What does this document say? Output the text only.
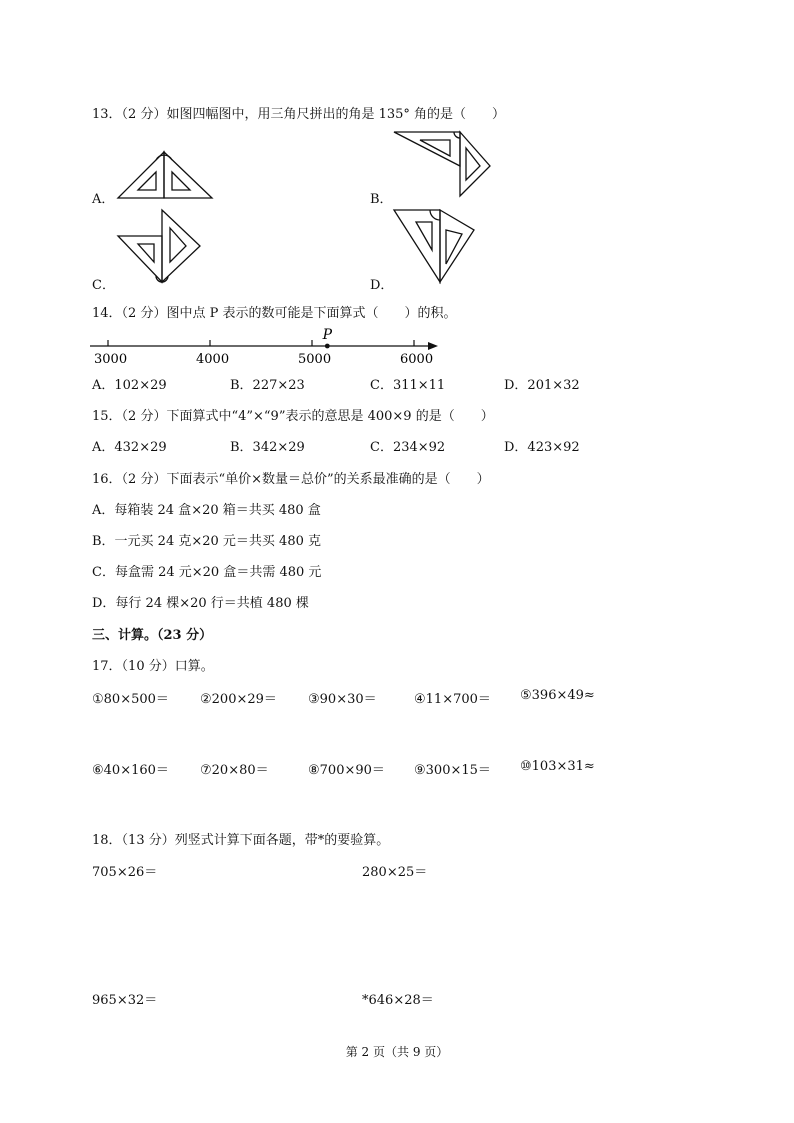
13．（2 分）如图四幅图中，用三角尺拼出的角是 135° 角的是（　　）
A．	B．
C．	D．
14．（2 分）图中点 P 表示的数可能是下面算式（　　）的积。
3000	4000	5000	6000
P
A．102×29	B．227×23	C．311×11	D．201×32
15．（2 分）下面算式中“4”×“9”表示的意思是 400×9 的是（　　）
A．432×29	B．342×29	C．234×92	D．423×92
16．（2 分）下面表示“单价×数量＝总价”的关系最准确的是（　　）
A．每箱装 24 盒×20 箱＝共买 480 盒
B．一元买 24 克×20 元＝共买 480 克
C．每盒需 24 元×20 盒＝共需 480 元
D．每行 24 棵×20 行＝共植 480 棵
三、计算。（23 分）
17．（10 分）口算。
①80×500＝ ②200×29＝ ③90×30＝	④11×700＝ ⑤396×49≈
⑥40×160＝ ⑦20×80＝	⑧700×90＝ ⑨300×15＝ ⑩103×31≈
18．（13 分）列竖式计算下面各题，带*的要验算。
705×26＝	280×25＝
965×32＝	*646×28＝
第 2 页（共 9 页）
